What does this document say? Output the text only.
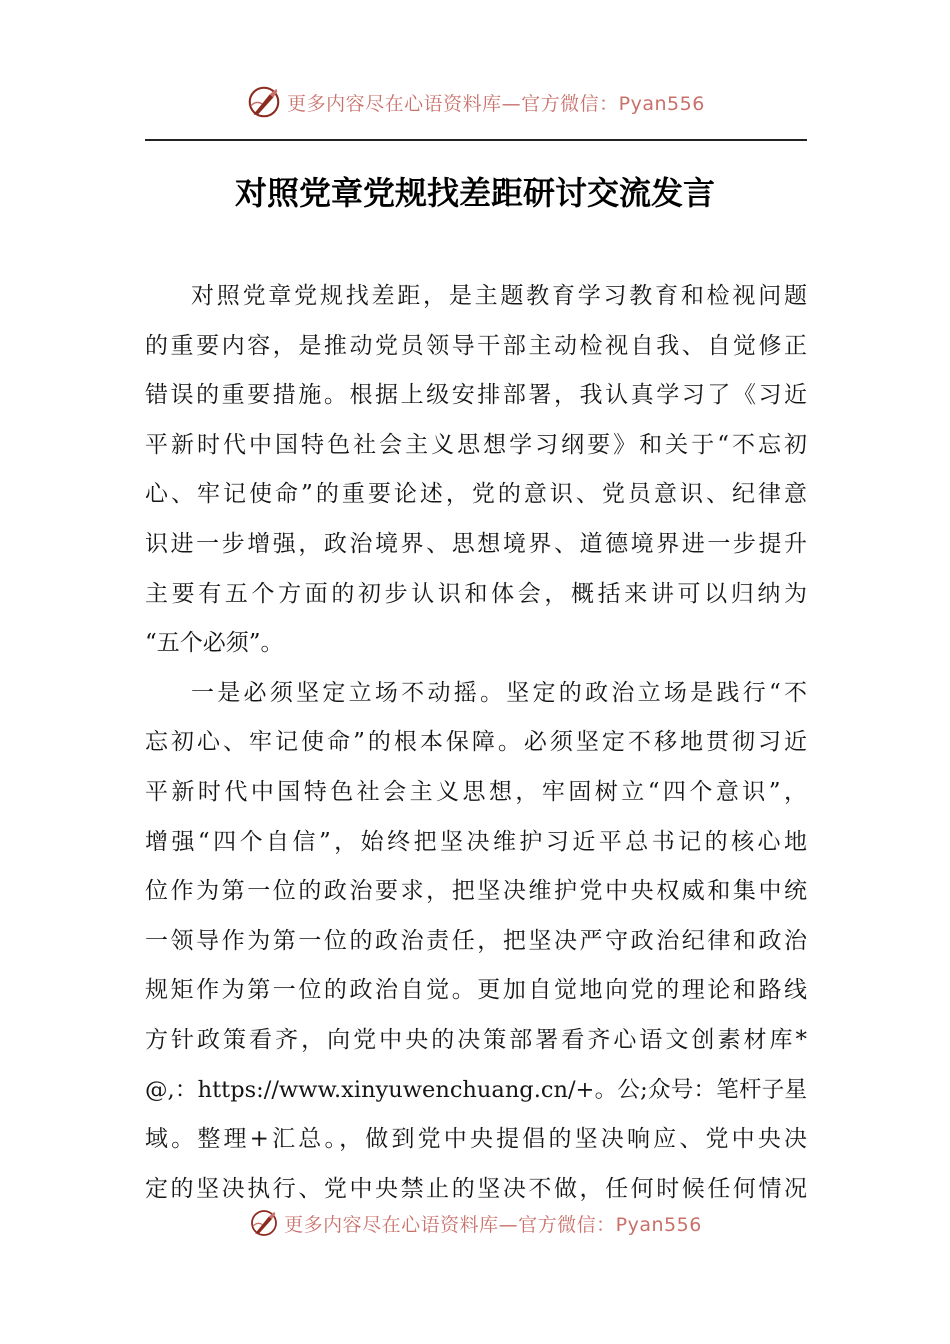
更多内容尽在心语资料库—官方微信：Pyan556
对照党章党规找差距研讨交流发言
对照党章党规找差距，是主题教育学习教育和检视问题
的重要内容，是推动党员领导干部主动检视自我、自觉修正
错误的重要措施。根据上级安排部署，我认真学习了《习近
平新时代中国特色社会主义思想学习纲要》和关于“不忘初
心、牢记使命”的重要论述，党的意识、党员意识、纪律意
识进一步增强，政治境界、思想境界、道德境界进一步提升
主要有五个方面的初步认识和体会，概括来讲可以归纳为
“五个必须”。
一是必须坚定立场不动摇。坚定的政治立场是践行“不
忘初心、牢记使命”的根本保障。必须坚定不移地贯彻习近
平新时代中国特色社会主义思想，牢固树立“四个意识”，
增强“四个自信”，始终把坚决维护习近平总书记的核心地
位作为第一位的政治要求，把坚决维护党中央权威和集中统
一领导作为第一位的政治责任，把坚决严守政治纪律和政治
规矩作为第一位的政治自觉。更加自觉地向党的理论和路线
方针政策看齐，向党中央的决策部署看齐心语文创素材库*
@,：https://www.xinyuwenchuang.cn/+。公;众号：笔杆子星
域。整理+汇总。，做到党中央提倡的坚决响应、党中央决
定的坚决执行、党中央禁止的坚决不做，任何时候任何情况
更多内容尽在心语资料库—官方微信：Pyan556
